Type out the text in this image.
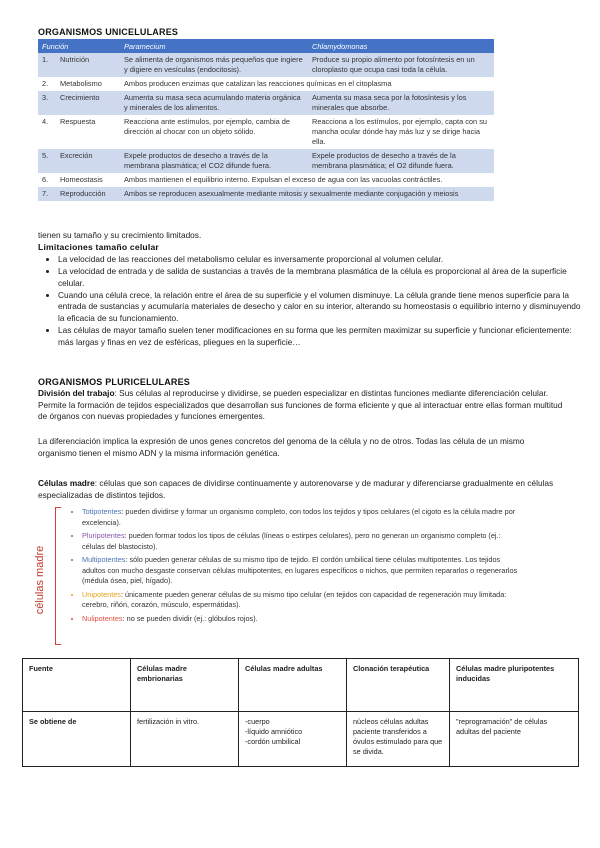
ORGANISMOS UNICELULARES
Función		Paramecium	Chlamydomonas
1.	Nutrición	Se alimenta de organismos más pequeños que ingiere y digiere en vesículas (endocitosis).	Produce su propio alimento por fotosíntesis en un cloroplasto que ocupa casi toda la célula.
2.	Metabolismo	Ambos producen enzimas que catalizan las reacciones químicas en el citoplasma	
3.	Crecimiento	Aumenta su masa seca acumulando materia orgánica y minerales de los alimentos.	Aumenta su masa seca por la fotosíntesis y los minerales que absorbe.
4.	Respuesta	Reacciona ante estímulos, por ejemplo, cambia de dirección al chocar con un objeto sólido.	Reacciona a los estímulos, por ejemplo, capta con su mancha ocular dónde hay más luz y se dirige hacia ella.
5.	Excreción	Expele productos de desecho a través de la membrana plasmática; el CO2 difunde fuera.	Expele productos de desecho a través de la membrana plasmática; el O2 difunde fuera.
6.	Homeostasis	Ambos mantienen el equilibrio interno. Expulsan el exceso de agua con las vacuolas contráctiles.	
7.	Reproducción	Ambos se reproducen asexualmente mediante mitosis y sexualmente mediante conjugación y meiosis	

tienen su tamaño y su crecimiento limitados.

Limitaciones tamaño celular
• La velocidad de las reacciones del metabolismo celular es inversamente proporcional al volumen celular.
• La velocidad de entrada y de salida de sustancias a través de la membrana plasmática de la célula es proporcional al área de la superficie celular.
• Cuando una célula crece, la relación entre el área de su superficie y el volumen disminuye. La célula grande tiene menos superficie para la entrada de sustancias y acumularía materiales de desecho y calor en su interior, alterando su homeostasis o equilibrio interno y disminuyendo la eficacia de su funcionamiento.
• Las células de mayor tamaño suelen tener modificaciones en su forma que les permiten maximizar su superficie y funcionar eficientemente: más largas y finas en vez de esféricas, pliegues en la superficie…
ORGANISMOS PLURICELULARES

División del trabajo: Sus células al reproducirse y dividirse, se pueden especializar en distintas funciones mediante diferenciación celular. Permite la formación de tejidos especializados que desarrollan sus funciones de forma eficiente y que al interactuar entre ellas forman multitud de órganos con nuevas propiedades y funciones emergentes.

La diferenciación implica la expresión de unos genes concretos del genoma de la célula y no de otros. Todas las célula de un mismo organismo tienen el mismo ADN y la misma información genética.

Células madre: células que son capaces de dividirse continuamente y autorenovarse y de madurar y diferenciarse gradualmente en células especializadas de distintos tejidos.

células madre
• Totipotentes: pueden dividirse y formar un organismo completo, con todos los tejidos y tipos celulares (el cigoto es la célula madre por excelencia).
• Pluripotentes: pueden formar todos los tipos de células (líneas o estirpes celulares), pero no generan un organismo completo (ej.: células del blastocisto).
• Multipotentes: sólo pueden generar células de su mismo tipo de tejido. El cordón umbilical tiene células multipotentes. Los tejidos adultos con mucho desgaste conservan células multipotentes, en lugares específicos o nichos, que permiten repararlos o regenerarlos (médula ósea, piel, hígado).
• Unipotentes: únicamente pueden generar células de su mismo tipo celular (en tejidos con capacidad de regeneración muy limitada: cerebro, riñón, corazón, músculo, espermátidas).
• Nulipotentes: no se pueden dividir (ej.: glóbulos rojos).
Fuente	Células madre embrionarias	Células madre adultas	Clonación terapéutica	Células madre pluripotentes inducidas
Se obtiene de	fertilización in vitro.	-cuerpo
-líquido amniótico
-cordón umbilical	núcleos células adultas paciente transferidos a óvulos estimulado para que se divida.	"reprogramación" de células adultas del paciente
